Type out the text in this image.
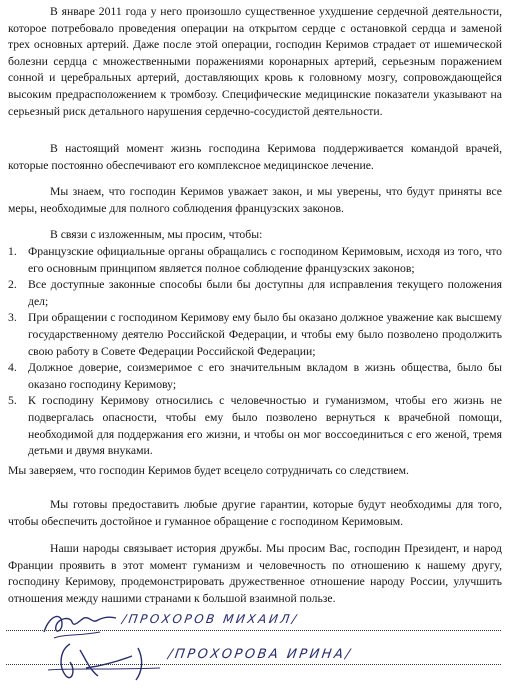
В январе 2011 года у него произошло существенное ухудшение сердечной деятельности, которое потребовало проведения операции на открытом сердце с остановкой сердца и заменой трех основных артерий. Даже после этой операции, господин Керимов страдает от ишемической болезни сердца с множественными поражениями коронарных артерий, серьезным поражением сонной и церебральных артерий, доставляющих кровь к головному мозгу, сопровождающейся высоким предрасположением к тромбозу. Специфические медицинские показатели указывают на серьезный риск детального нарушения сердечно-сосудистой деятельности.

В настоящий момент жизнь господина Керимова поддерживается командой врачей, которые постоянно обеспечивают его комплексное медицинское лечение.

Мы знаем, что господин Керимов уважает закон, и мы уверены, что будут приняты все меры, необходимые для полного соблюдения французских законов.

В связи с изложенным, мы просим, чтобы:

1. Французские официальные органы обращались с господином Керимовым, исходя из того, что его основным принципом является полное соблюдение французских законов;
2. Все доступные законные способы были бы доступны для исправления текущего положения дел;
3. При обращении с господином Керимову ему было бы оказано должное уважение как высшему государственному деятелю Российской Федерации, и чтобы ему было позволено продолжить свою работу в Совете Федерации Российской Федерации;
4. Должное доверие, соизмеримое с его значительным вкладом в жизнь общества, было бы оказано господину Керимову;
5. К господину Керимову относились с человечностью и гуманизмом, чтобы его жизнь не подвергалась опасности, чтобы ему было позволено вернуться к врачебной помощи, необходимой для поддержания его жизни, и чтобы он мог воссоединиться с его женой, тремя детьми и двумя внуками.

Мы заверяем, что господин Керимов будет всецело сотрудничать со следствием.

Мы готовы предоставить любые другие гарантии, которые будут необходимы для того, чтобы обеспечить достойное и гуманное обращение с господином Керимовым.

Наши народы связывает история дружбы. Мы просим Вас, господин Президент, и народ Франции проявить в этот момент гуманизм и человечность по отношению к нашему другу, господину Керимову, продемонстрировать дружественное отношение народу России, улучшить отношения между нашими странами к большой взаимной пользе.

/ПРОХОРОВ МИХАИЛ/
/ПРОХОРОВА ИРИНА/
